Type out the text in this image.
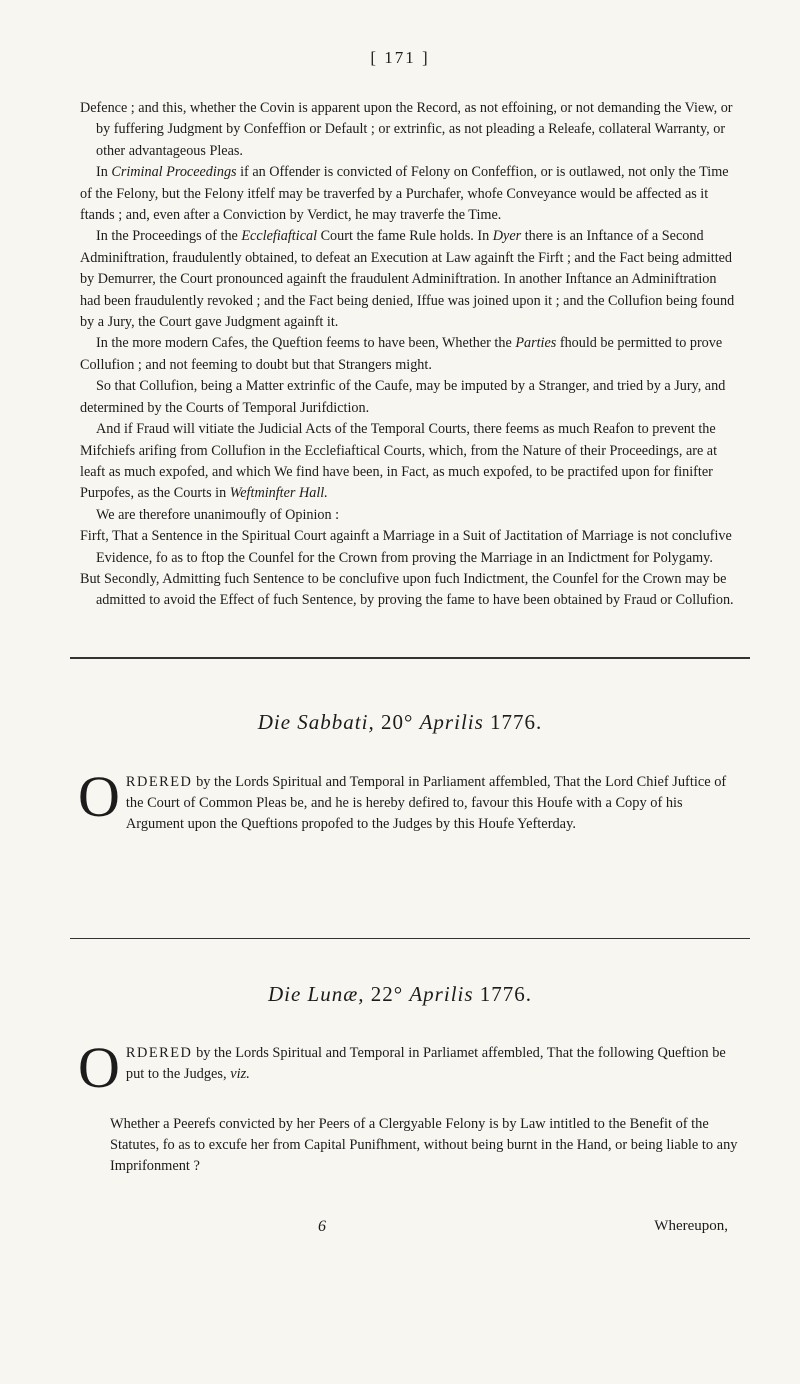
[ 171 ]

Defence ; and this, whether the Covin is apparent upon the Record, as not effoining, or not demanding the View, or by fuffering Judgment by Confeffion or Default ; or extrinfic, as not pleading a Releafe, collateral Warranty, or other advantageous Pleas.

In Criminal Proceedings if an Offender is convicted of Felony on Confeffion, or is outlawed, not only the Time of the Felony, but the Felony itfelf may be traverfed by a Purchafer, whofe Conveyance would be affected as it ftands ; and, even after a Conviction by Verdict, he may traverfe the Time.

In the Proceedings of the Ecclefiaftical Court the fame Rule holds. In Dyer there is an Inftance of a Second Adminiftration, fraudulently obtained, to defeat an Execution at Law againft the Firft ; and the Fact being admitted by Demurrer, the Court pronounced againft the fraudulent Adminiftration. In another Inftance an Adminiftration had been fraudulently revoked ; and the Fact being denied, Iffue was joined upon it ; and the Collufion being found by a Jury, the Court gave Judgment againft it.

In the more modern Cafes, the Queftion feems to have been, Whether the Parties fhould be permitted to prove Collufion ; and not feeming to doubt but that Strangers might.

So that Collufion, being a Matter extrinfic of the Caufe, may be imputed by a Stranger, and tried by a Jury, and determined by the Courts of Temporal Jurifdiction.

And if Fraud will vitiate the Judicial Acts of the Temporal Courts, there feems as much Reafon to prevent the Mifchiefs arifing from Collufion in the Ecclefiaftical Courts, which, from the Nature of their Proceedings, are at leaft as much expofed, and which We find have been, in Fact, as much expofed, to be practifed upon for finifter Purpofes, as the Courts in Weftminfter Hall.

We are therefore unanimoufly of Opinion :

Firft, That a Sentence in the Spiritual Court againft a Marriage in a Suit of Jactitation of Marriage is not conclufive Evidence, fo as to ftop the Counfel for the Crown from proving the Marriage in an Indictment for Polygamy.

But Secondly, Admitting fuch Sentence to be conclufive upon fuch Indictment, the Counfel for the Crown may be admitted to avoid the Effect of fuch Sentence, by proving the fame to have been obtained by Fraud or Collufion.

Die Sabbati, 20° Aprilis 1776.
ORDERED by the Lords Spiritual and Temporal in Parliament affembled, That the Lord Chief Juftice of the Court of Common Pleas be, and he is hereby defired to, favour this Houfe with a Copy of his Argument upon the Queftions propofed to the Judges by this Houfe Yefterday.
Die Lunæ, 22° Aprilis 1776.
ORDERED by the Lords Spiritual and Temporal in Parliamet affembled, That the following Queftion be put to the Judges, viz.
Whether a Peerefs convicted by her Peers of a Clergyable Felony is by Law intitled to the Benefit of the Statutes, fo as to excufe her from Capital Punifhment, without being burnt in the Hand, or being liable to any Imprifonment ?
6	Whereupon,
